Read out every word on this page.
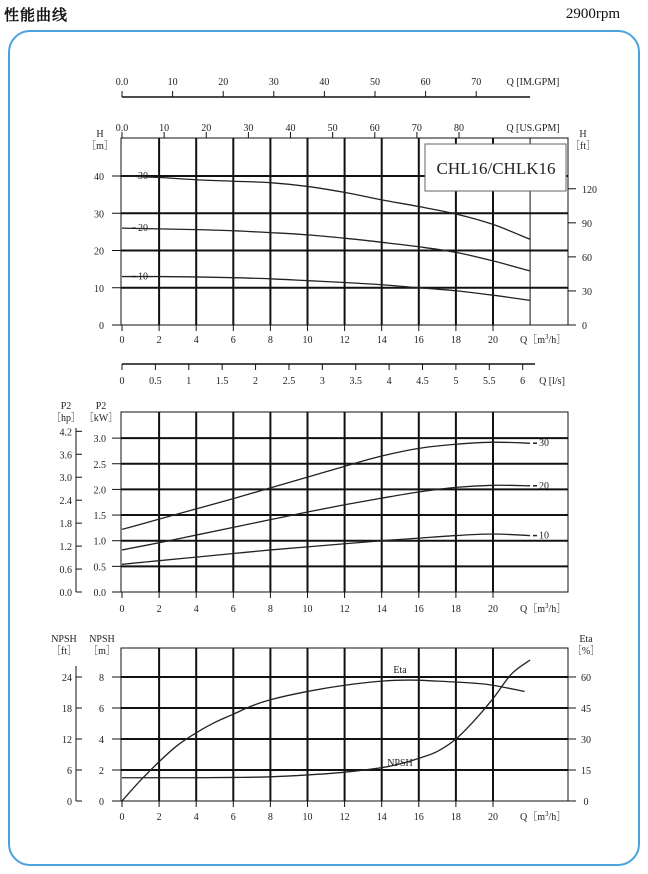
性能曲线	2900rpm
0
10
20
30
40
0
30
60
90
120
H
［m］
H
［ft］
0.0	10	20	30	40	50	60	70	Q [IM.GPM]
0.0	10	20	30	40	50	60	70	80	Q [US.GPM]
0	2	4	6	8	10	12	14	16	18	20 $Q[m^3/h]$
0 0.5 1 1.5 2 2.5 3 3.5 4 4.5 5 5.5 6 Q [l/s]
CHL16/CHLK16
30
20
10
0.0
0.5
1.0
1.5
2.0
2.5
3.0
0.0
0.6
1.2
1.8
2.4
3.0
3.6
4.2
P2
［hp］
P2
［kW］
0	2	4	6	8	10	12	14	16	18	20 $Q[m^3/h]$
30
20
10
0
2
4
6
8
0
6
12
18
24
NPSH
［ft］
NPSH
［m］
0
15
30
45
60
Eta
［%］
0	2	4	6	8	10	12	14	16	18	20 $Q[m^3/h]$
Eta
NPSH
